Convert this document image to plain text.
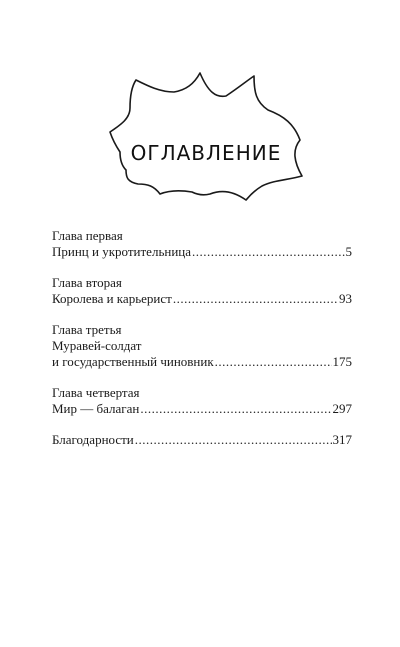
ОГЛАВЛЕНИЕ
Глава первая
Принц и укротительница .....	5
Глава вторая
Королева и карьерист .....	93
Глава третья
Муравей-солдат
и государственный чиновник .....	175
Глава четвертая
Мир — балаган .....	297
Благодарности .....	317
